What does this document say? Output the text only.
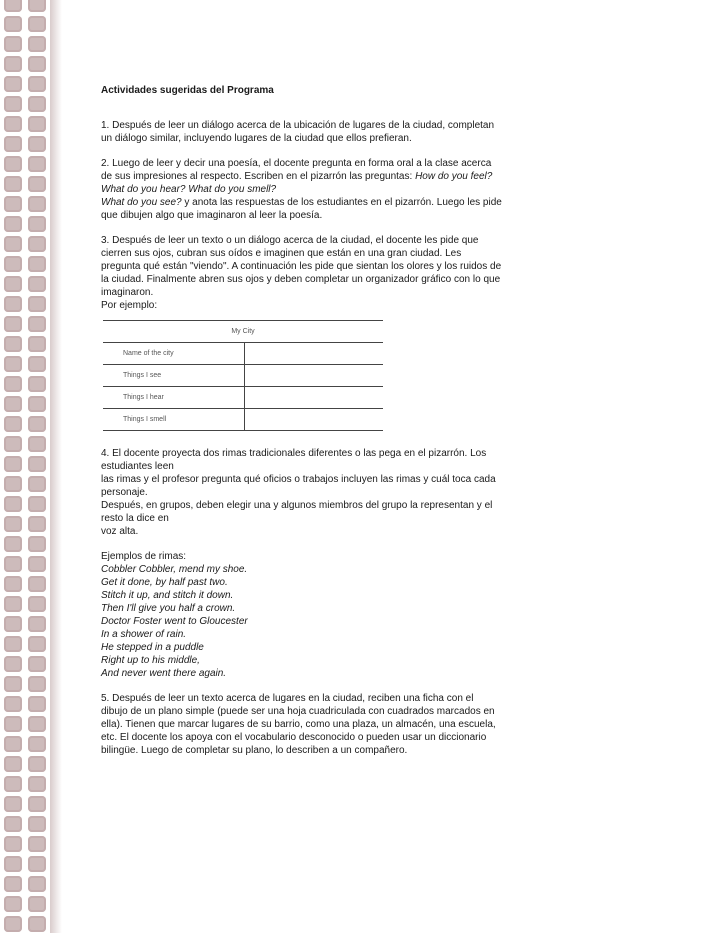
Actividades sugeridas del Programa
1. Después de leer un diálogo acerca de la ubicación de lugares de la ciudad, completan
un diálogo similar, incluyendo lugares de la ciudad que ellos prefieran.
2. Luego de leer y decir una poesía, el docente pregunta en forma oral a la clase acerca
de sus impresiones al respecto. Escriben en el pizarrón las preguntas: How do you feel?
What do you hear? What do you smell?
What do you see? y anota las respuestas de los estudiantes en el pizarrón. Luego les pide
que dibujen algo que imaginaron al leer la poesía.
3. Después de leer un texto o un diálogo acerca de la ciudad, el docente les pide que
cierren sus ojos, cubran sus oídos e imaginen que están en una gran ciudad. Les
pregunta qué están "viendo". A continuación les pide que sientan los olores y los ruidos de
la ciudad. Finalmente abren sus ojos y deben completar un organizador gráfico con lo que
imaginaron.
Por ejemplo:
My City	
Name of the city	
Things I see	
Things I hear	
Things I smell	
4. El docente proyecta dos rimas tradicionales diferentes o las pega en el pizarrón. Los
estudiantes leen
las rimas y el profesor pregunta qué oficios o trabajos incluyen las rimas y cuál toca cada
personaje.
Después, en grupos, deben elegir una y algunos miembros del grupo la representan y el
resto la dice en
voz alta.
Ejemplos de rimas:
Cobbler Cobbler, mend my shoe.
Get it done, by half past two.
Stitch it up, and stitch it down.
Then I'll give you half a crown.
Doctor Foster went to Gloucester
In a shower of rain.
He stepped in a puddle
Right up to his middle,
And never went there again.
5. Después de leer un texto acerca de lugares en la ciudad, reciben una ficha con el
dibujo de un plano simple (puede ser una hoja cuadriculada con cuadrados marcados en
ella). Tienen que marcar lugares de su barrio, como una plaza, un almacén, una escuela,
etc. El docente los apoya con el vocabulario desconocido o pueden usar un diccionario
bilingüe. Luego de completar su plano, lo describen a un compañero.
